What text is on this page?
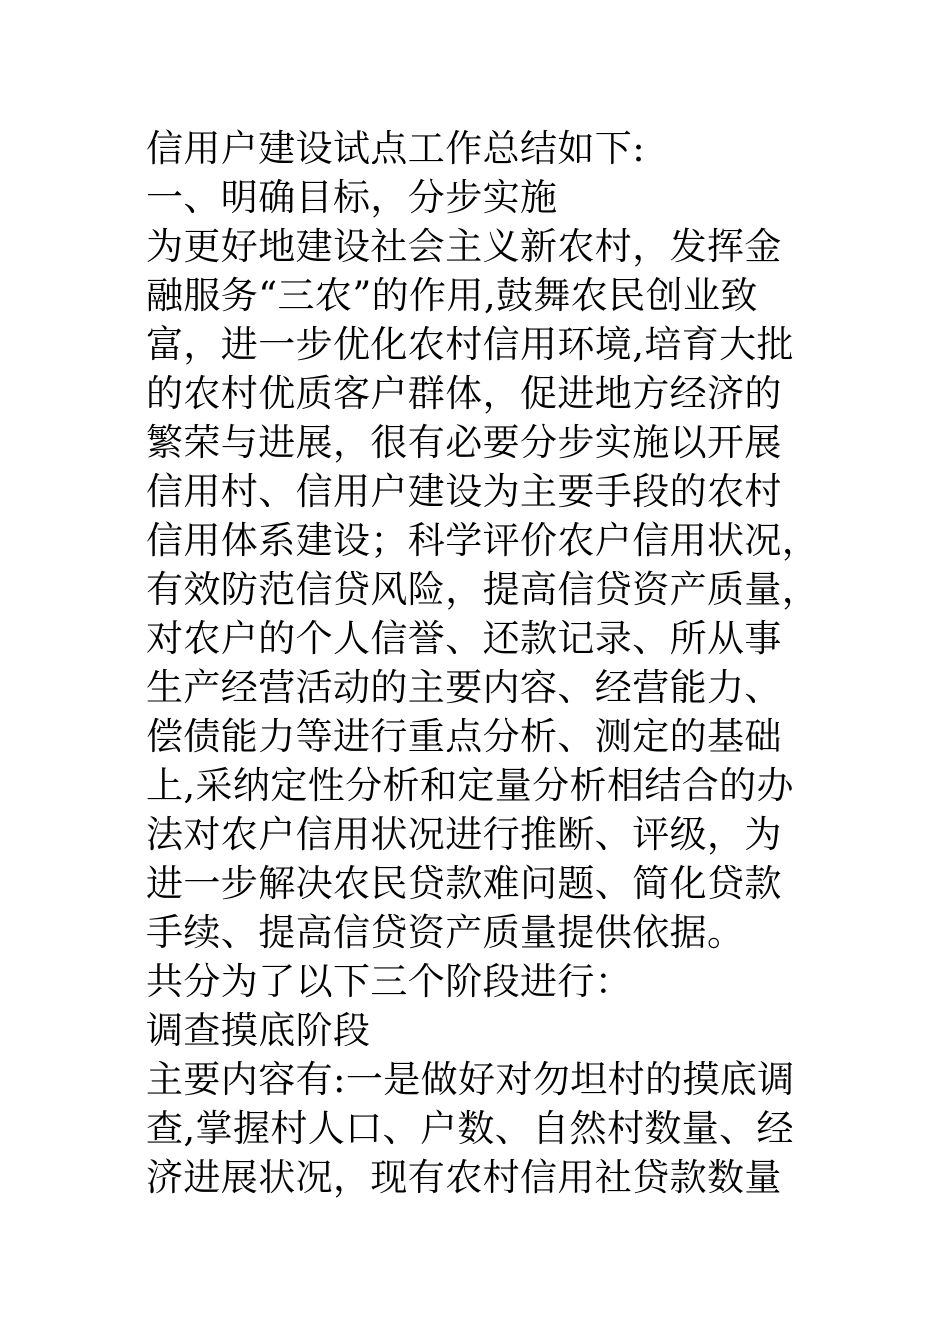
信用户建设试点工作总结如下:
一、明确目标，分步实施
为更好地建设社会主义新农村，发挥金
融服务“三农”的作用,鼓舞农民创业致
富，进一步优化农村信用环境,培育大批
的农村优质客户群体，促进地方经济的
繁荣与进展，很有必要分步实施以开展
信用村、信用户建设为主要手段的农村
信用体系建设；科学评价农户信用状况，
有效防范信贷风险，提高信贷资产质量，
对农户的个人信誉、还款记录、所从事
生产经营活动的主要内容、经营能力、
偿债能力等进行重点分析、测定的基础
上,采纳定性分析和定量分析相结合的办
法对农户信用状况进行推断、评级，为
进一步解决农民贷款难问题、简化贷款
手续、提高信贷资产质量提供依据。
共分为了以下三个阶段进行：
调查摸底阶段
主要内容有:一是做好对勿坦村的摸底调
查,掌握村人口、户数、自然村数量、经
济进展状况，现有农村信用社贷款数量
